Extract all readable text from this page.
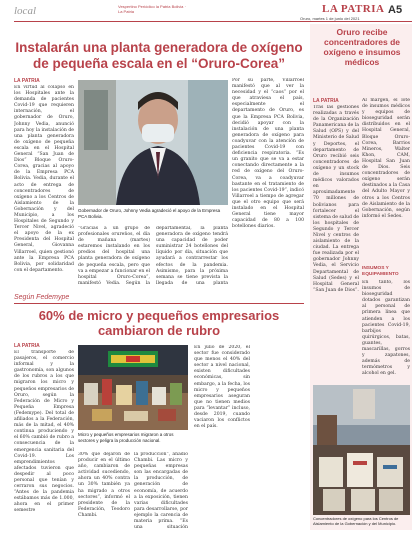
local	Vespertino Periódico la Patria Bolivia · La Patria	LA PATRIA
Oruro, martes 1 de junio del 2021
A5
Instalarán una planta generadora de oxígeno de pequeña escala en el “Oruro-Corea”
LA PATRIA
En virtud al colapso en los Hospitales ante la demanda de pacientes Covid-19 que requieren internación, el gobernador de Oruro, Johnny Vedia, anunció para hoy la instalación de una planta generadora de oxígeno de pequeña escala en el Hospital General “San Juan de Dios” Bloque Oruro-Corea, gracias al apoyo de la Empresa PCA Bolivia. Vedia, durante el acto de entrega de concentradores de oxígeno a los Centros de Aislamiento de la Gobernación y del Municipio, a los Hospitales de Segundo y Tercer Nivel, agradeció el apoyo de la ex Presidenta del Hospital General, Giovanna Villarroel, quien gestionó ante la Empresa PCA Bolivia, por solidaridad con el departamento.
“Gracias a un grupo de profesionales orureños, el día de mañana (martes) estaremos instalando en los predios del hospital una planta generadora de oxígeno de pequeña escala, pero que va a empezar a funcionar en el hospital Oruro-Corea”, manifestó Vedia. Según la
departamental, la planta generadora de oxígeno tendrá una capacidad de poder suministrar 24 botellones del líquido por día, situación que ayudará a contrarrestar los efectos de la pandemia. Asimismo, para la próxima semana se tiene prevista la llegada de una planta
Por su parte, Villarroel manifestó que al ver la necesidad y el “caos” por el que atraviesa el país, especialmente el departamento de Oruro, es que la Empresa PCA Bolivia, decidió apoyar con la instalación de una planta generadora de oxígeno para coadyuvar con la atención de pacientes Covid-19 con deficiencia respiratoria. “Es un granito que se va a estar conectando directamente a la red de oxígeno del Oruro-Corea, va a coadyuvar bastante en el tratamiento de los pacientes Covid-19”, indicó Villarroel a tiempo de agregar que el otro equipo que será instalado en el Hospital General tiene mayor capacidad de 80 a 100 botellones diarios.
Gobernador de Oruro, Johnny Vedia agradeció el apoyo de la Empresa PCA Bolivia.
Según Fedemype
60% de micro y pequeños empresarios cambiaron de rubro
LA PATRIA
El transporte de pasajeros, el comercio informal y la gastronomía, son algunos de los rubros a los que migraron los micro y pequeños empresarios de Oruro, según la Federación de Micro y Pequeña Empresa (Fedemype). Del total de afiliados a la Federación, más de la mitad, el 40% continua produciendo y el 60% cambió de rubro a consecuencia de la emergencia sanitaria del Covid-19. Los emprendimientos afectados tuvieron que despedir al poco personal que tenían y cerraron sus negocios. “Antes de la pandemia estábamos más de 1.000, ahora en el primer semestre
Micro y pequeños empresarios migraron a otros sectores y peligra la producción nacional.
30% que dejaron de producir en el último año, cambiaron de actividad sucediendo, ahora un 40% contra un 30% también ya ha migrado a otros sectores”, informó el presidente de la Federación, Teodoro Chambi.
la producción”, añadió Chambi. Las micro y pequeñas empresas son las encargadas de la producción, de generación de economía, de acuerdo a la exposición, tienen varias dificultades para desarrollarse, por ejemplo la carencia de materia prima. “Es una situación
En julio de 2020, el sector fue considerado que menos el 40% del sector a nivel nacional, existen dificultades económicas, sin embargo, a la fecha, los micro y pequeños empresarios aseguran que no tienen medios para “levantar” incluso, desde 2019, cuando vaciaron los conflictos en el país.
Oruro recibe concentradores de oxígeno e insumos médicos
LA PATRIA
Tras las gestiones realizadas a través de la Organización Panamericana de la Salud (OPS) y del Ministerio de Salud y Deportes, el departamento de Oruro recibió seis concentradores de oxígeno y un stock de insumos médicos valorados en aproximadamente 70 millones de bolivianos para fortalecer el sistema de salud de los hospitales de Segundo y Tercer Nivel y centros de aislamiento de la ciudad. La entrega fue realizada por el gobernador Johnny Vedia, el Servicio Departamental de Salud (Sedes) y el Hospital General “San Juan de Dios”.
Al margen, el lote de insumos médicos y equipos de bioseguridad serán distribuidos en el Hospital General, Bloque Oruro-Corea, Barrios Mineros, Walter Khon, CAM, Hospital San Juan de Dios. Seis concentradores de oxígeno serán destinados a la Casa del Adulto Mayor y otros a los Centros de Aislamiento de la Gobernación, según informó el Sedes.
INSUMOS Y EQUIPAMIENTO
En tanto, los insumos de bioseguridad dotados garantizan al personal de primera línea que atienden a los pacientes Covid-19, barbijos quirúrgicos, batas, guantes, mascarillas, gorros y zapatones, además de termómetros y alcohol en gel.
Concentradores de oxígeno para los Centros de Aislamiento de la Gobernación y del Municipio.
